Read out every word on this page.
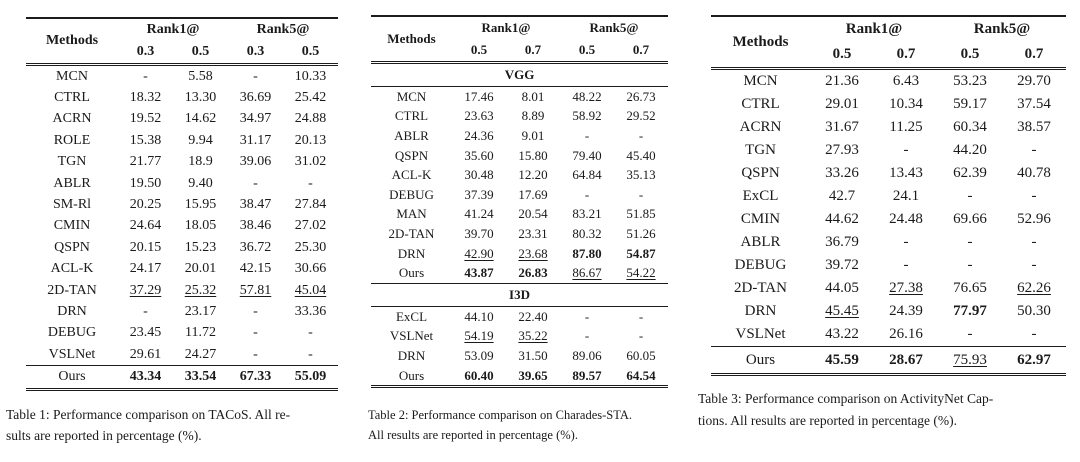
Methods	Rank1@		Rank5@	
	0.3	0.5	0.3	0.5
MCN	-	5.58	-	10.33
CTRL	18.32	13.30	36.69	25.42
ACRN	19.52	14.62	34.97	24.88
ROLE	15.38	9.94	31.17	20.13
TGN	21.77	18.9	39.06	31.02
ABLR	19.50	9.40	-	-
SM-Rl	20.25	15.95	38.47	27.84
CMIN	24.64	18.05	38.46	27.02
QSPN	20.15	15.23	36.72	25.30
ACL-K	24.17	20.01	42.15	30.66
2D-TAN	37.29	25.32	57.81	45.04
DRN	-	23.17	-	33.36
DEBUG	23.45	11.72	-	-
VSLNet	29.61	24.27	-	-
Ours	43.34	33.54	67.33	55.09
Table 1: Performance comparison on TACoS. All re-
sults are reported in percentage (%).
Methods	Rank1@		Rank5@	
	0.5	0.7	0.5	0.7
VGG				
MCN	17.46	8.01	48.22	26.73
CTRL	23.63	8.89	58.92	29.52
ABLR	24.36	9.01	-	-
QSPN	35.60	15.80	79.40	45.40
ACL-K	30.48	12.20	64.84	35.13
DEBUG	37.39	17.69	-	-
MAN	41.24	20.54	83.21	51.85
2D-TAN	39.70	23.31	80.32	51.26
DRN	42.90	23.68	87.80	54.87
Ours	43.87	26.83	86.67	54.22
I3D				
ExCL	44.10	22.40	-	-
VSLNet	54.19	35.22	-	-
DRN	53.09	31.50	89.06	60.05
Ours	60.40	39.65	89.57	64.54
Table 2: Performance comparison on Charades-STA.
All results are reported in percentage (%).
Methods	Rank1@		Rank5@	
	0.5	0.7	0.5	0.7
MCN	21.36	6.43	53.23	29.70
CTRL	29.01	10.34	59.17	37.54
ACRN	31.67	11.25	60.34	38.57
TGN	27.93	-	44.20	-
QSPN	33.26	13.43	62.39	40.78
ExCL	42.7	24.1	-	-
CMIN	44.62	24.48	69.66	52.96
ABLR	36.79	-	-	-
DEBUG	39.72	-	-	-
2D-TAN	44.05	27.38	76.65	62.26
DRN	45.45	24.39	77.97	50.30
VSLNet	43.22	26.16	-	-
Ours	45.59	28.67	75.93	62.97
Table 3: Performance comparison on ActivityNet Cap-
tions. All results are reported in percentage (%).
